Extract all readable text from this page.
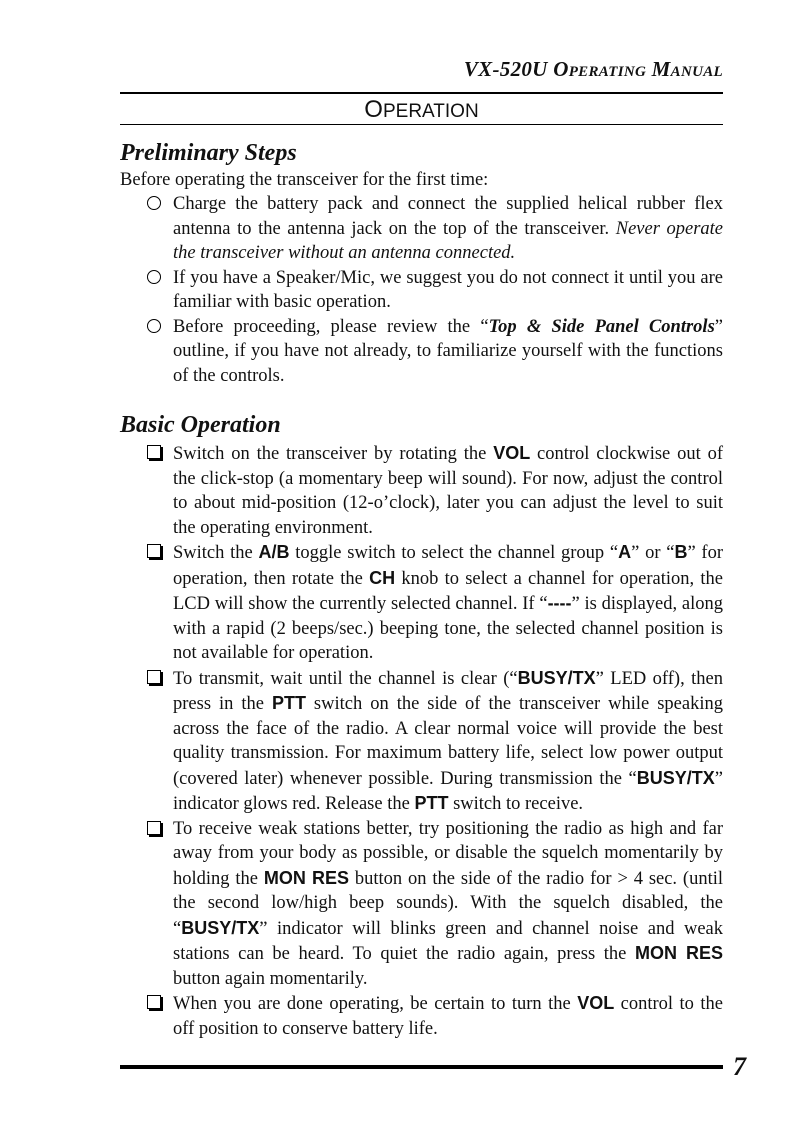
VX-520U OPERATING MANUAL
OPERATION
Preliminary Steps
Before operating the transceiver for the first time:
Charge the battery pack and connect the supplied helical rubber flex antenna to the antenna jack on the top of the transceiver. Never operate the transceiver without an antenna connected.
If you have a Speaker/Mic, we suggest you do not connect it until you are familiar with basic operation.
Before proceeding, please review the “Top & Side Panel Controls” outline, if you have not already, to familiarize yourself with the functions of the controls.
Basic Operation
Switch on the transceiver by rotating the VOL control clockwise out of the click-stop (a momentary beep will sound). For now, adjust the control to about mid-position (12-o’clock), later you can adjust the level to suit the operating environment.
Switch the A/B toggle switch to select the channel group “A” or “B” for operation, then rotate the CH knob to select a channel for operation, the LCD will show the currently selected channel. If “----” is displayed, along with a rapid (2 beeps/sec.) beeping tone, the selected channel position is not available for operation.
To transmit, wait until the channel is clear (“BUSY/TX” LED off), then press in the PTT switch on the side of the transceiver while speaking across the face of the radio. A clear normal voice will provide the best quality transmission. For maximum battery life, select low power output (covered later) whenever possible. During transmission the “BUSY/TX” indicator glows red. Release the PTT switch to receive.
To receive weak stations better, try positioning the radio as high and far away from your body as possible, or disable the squelch momentarily by holding the MON RES button on the side of the radio for > 4 sec. (until the second low/high beep sounds). With the squelch disabled, the “BUSY/TX” indicator will blinks green and channel noise and weak stations can be heard. To quiet the radio again, press the MON RES button again momentarily.
When you are done operating, be certain to turn the VOL control to the off position to conserve battery life.
7
